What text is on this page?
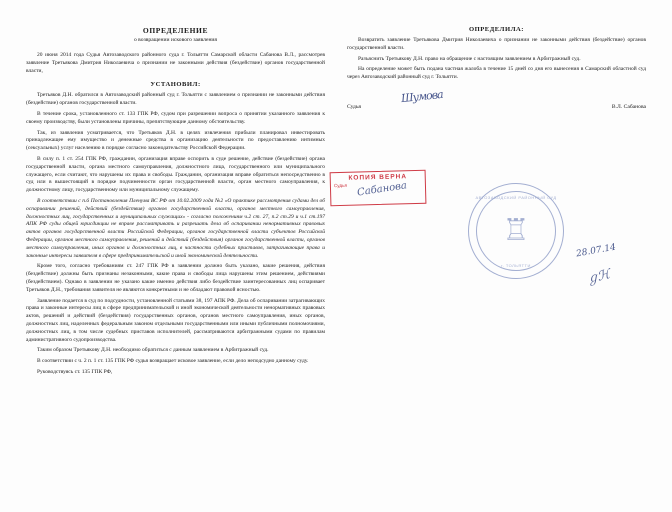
ОПРЕДЕЛЕНИЕ
о возвращении искового заявления

20 июня 2014 года Судья Автозаводского районного суда г. Тольятти Самарской области Сабанова В.Л., рассмотрев заявление Третьякова Дмитрия Николаевича о признании не законными действия (бездействие) органов государственной власти,

УСТАНОВИЛ:

Третьяков Д.Н. обратился в Автозаводский районный суд г. Тольятти с заявлением о признании не законными действия (бездействие) органов государственной власти.

В течение срока, установленного ст. 133 ГПК РФ, судом при разрешении вопроса о принятии указанного заявления к своему производству, были установлены причины, препятствующие данному обстоятельству.

Так, из заявления усматривается, что Третьяков Д.Н. в целях извлечения прибыли планировал инвестировать принадлежащее ему имущество и денежные средства в организацию деятельности по предоставлению интимных (сексуальных) услуг населению в порядке согласно законодательству Российской Федерации.

В силу п. 1 ст. 254 ГПК РФ, гражданин, организация вправе оспорить в суде решение, действие (бездействие) органа государственной власти, органа местного самоуправления, должностного лица, государственного или муниципального служащего, если считают, что нарушены их права и свободы. Гражданин, организация вправе обратиться непосредственно в суд или в вышестоящий в порядке подчиненности орган государственной власти, орган местного самоуправления, к должностному лицу, государственному или муниципальному служащему.

В соответствии с п.6 Постановления Пленума ВС РФ от 10.02.2009 года №2 «О практике рассмотрения судами дел об оспаривании решений, действий (бездействия) органов государственной власти, органов местного самоуправления, должностных лиц, государственных и муниципальных служащих» - согласно положениям ч.2 ст. 27, п.2 ст.29 и ч.1 ст.197 АПК РФ суды общей юрисдикции не вправе рассматривать и разрешать дела об оспаривании ненормативных правовых актов органов государственной власти Российской Федерации, органов государственной власти субъектов Российской Федерации, органов местного самоуправления, решений и действий (бездействия) органов государственной власти, органов местного самоуправления, иных органов и должностных лиц, в частности судебных приставов, затрагивающие права и законные интересы заявителя в сфере предпринимательской и иной экономической деятельности.

Кроме того, согласно требованиям ст. 247 ГПК РФ в заявлении должно быть указано, какие решения, действия (бездействие) должны быть признаны незаконными, какие права и свободы лица нарушены этим решением, действиями (бездействием). Однако в заявлении не указано какие именно действия либо бездействие заинтересованных лиц оспаривает Третьяков Д.Н., требования заявителя не являются конкретными и не обладают правовой ясностью.

Заявление подается в суд по подсудности, установленной статьями 38, 197 АПК РФ. Дела об оспаривании затрагивающих права и законные интересы лиц в сфере предпринимательской и иной экономической деятельности ненормативных правовых актов, решений и действий (бездействия) государственных органов, органов местного самоуправления, иных органов, должностных лиц, наделенных федеральным законом отдельными государственными или иными публичными полномочиями, должностных лиц, в том числе судебных приставов исполнителей, рассматриваются арбитражными судами по правилам административного судопроизводства.

Таким образом Третьякову Д.Н. необходимо обратиться с данным заявлением в Арбитражный суд.

В соответствии с ч. 2 п. 1 ст. 135 ГПК РФ судья возвращает исковое заявление, если дело неподсудно данному суду.

Руководствуясь ст. 135 ГПК РФ,

ОПРЕДЕЛИЛА:

Возвратить заявление Третьякова Дмитрия Николаевича о признании не законными действия (бездействие) органов государственной власти.

Разъяснить Третьякову Д.Н. право на обращение с настоящим заявлением в Арбитражный суд.

На определение может быть подана частная жалоба в течение 15 дней со дня его вынесения в Самарский областной суд через Автозаводский районный суд г. Тольятти.

Судья
Шумова
В.Л. Сабанова
КОПИЯ ВЕРНА
Судья Сабанова	АВТОЗАВОДСКИЙ РАЙОННЫЙ СУД
♖
г. ТОЛЬЯТТИ
28.07.14
ℊℋ
